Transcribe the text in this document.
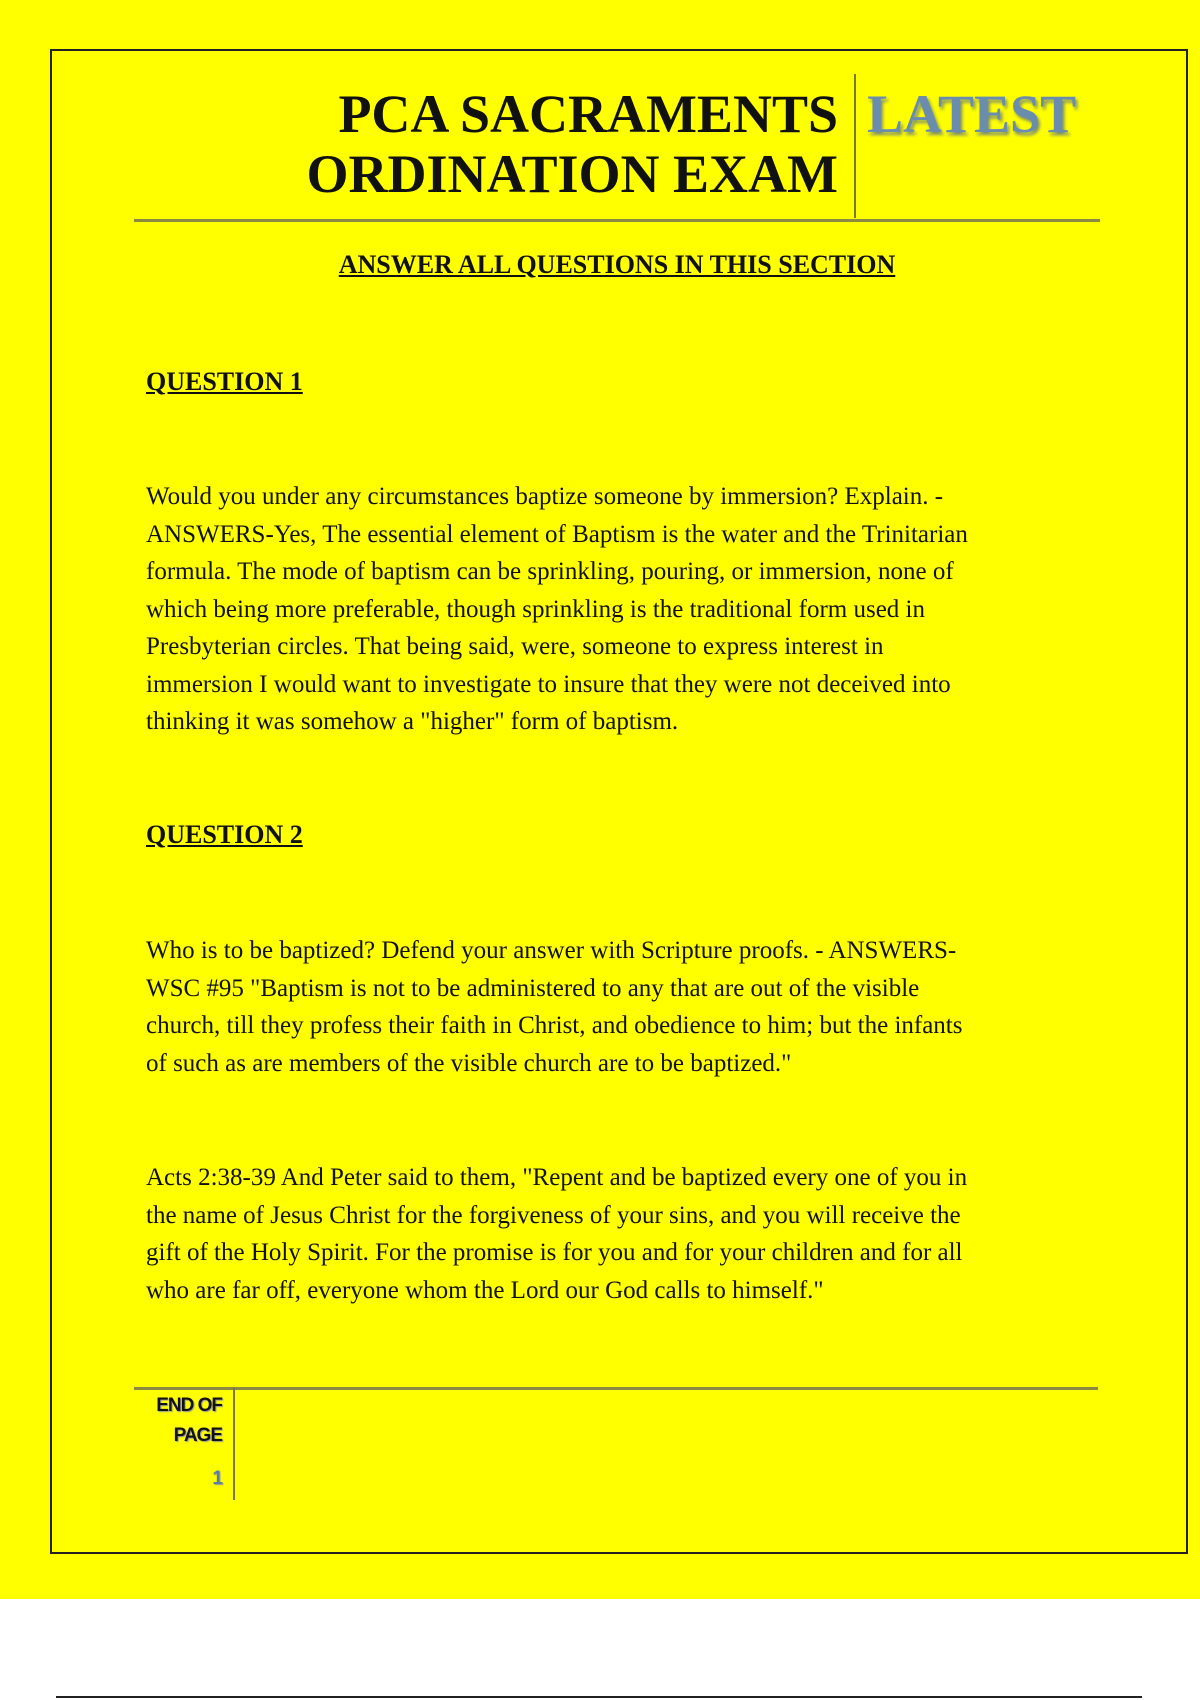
PCA SACRAMENTS
ORDINATION EXAM
LATEST
ANSWER ALL QUESTIONS IN THIS SECTION
QUESTION 1
Would you under any circumstances baptize someone by immersion? Explain. -
ANSWERS-Yes, The essential element of Baptism is the water and the Trinitarian
formula. The mode of baptism can be sprinkling, pouring, or immersion, none of
which being more preferable, though sprinkling is the traditional form used in
Presbyterian circles. That being said, were, someone to express interest in
immersion I would want to investigate to insure that they were not deceived into
thinking it was somehow a "higher" form of baptism.
QUESTION 2
Who is to be baptized? Defend your answer with Scripture proofs. - ANSWERS-
WSC #95 "Baptism is not to be administered to any that are out of the visible
church, till they profess their faith in Christ, and obedience to him; but the infants
of such as are members of the visible church are to be baptized."
Acts 2:38-39 And Peter said to them, "Repent and be baptized every one of you in
the name of Jesus Christ for the forgiveness of your sins, and you will receive the
gift of the Holy Spirit. For the promise is for you and for your children and for all
who are far off, everyone whom the Lord our God calls to himself."
END OF
PAGE
1
